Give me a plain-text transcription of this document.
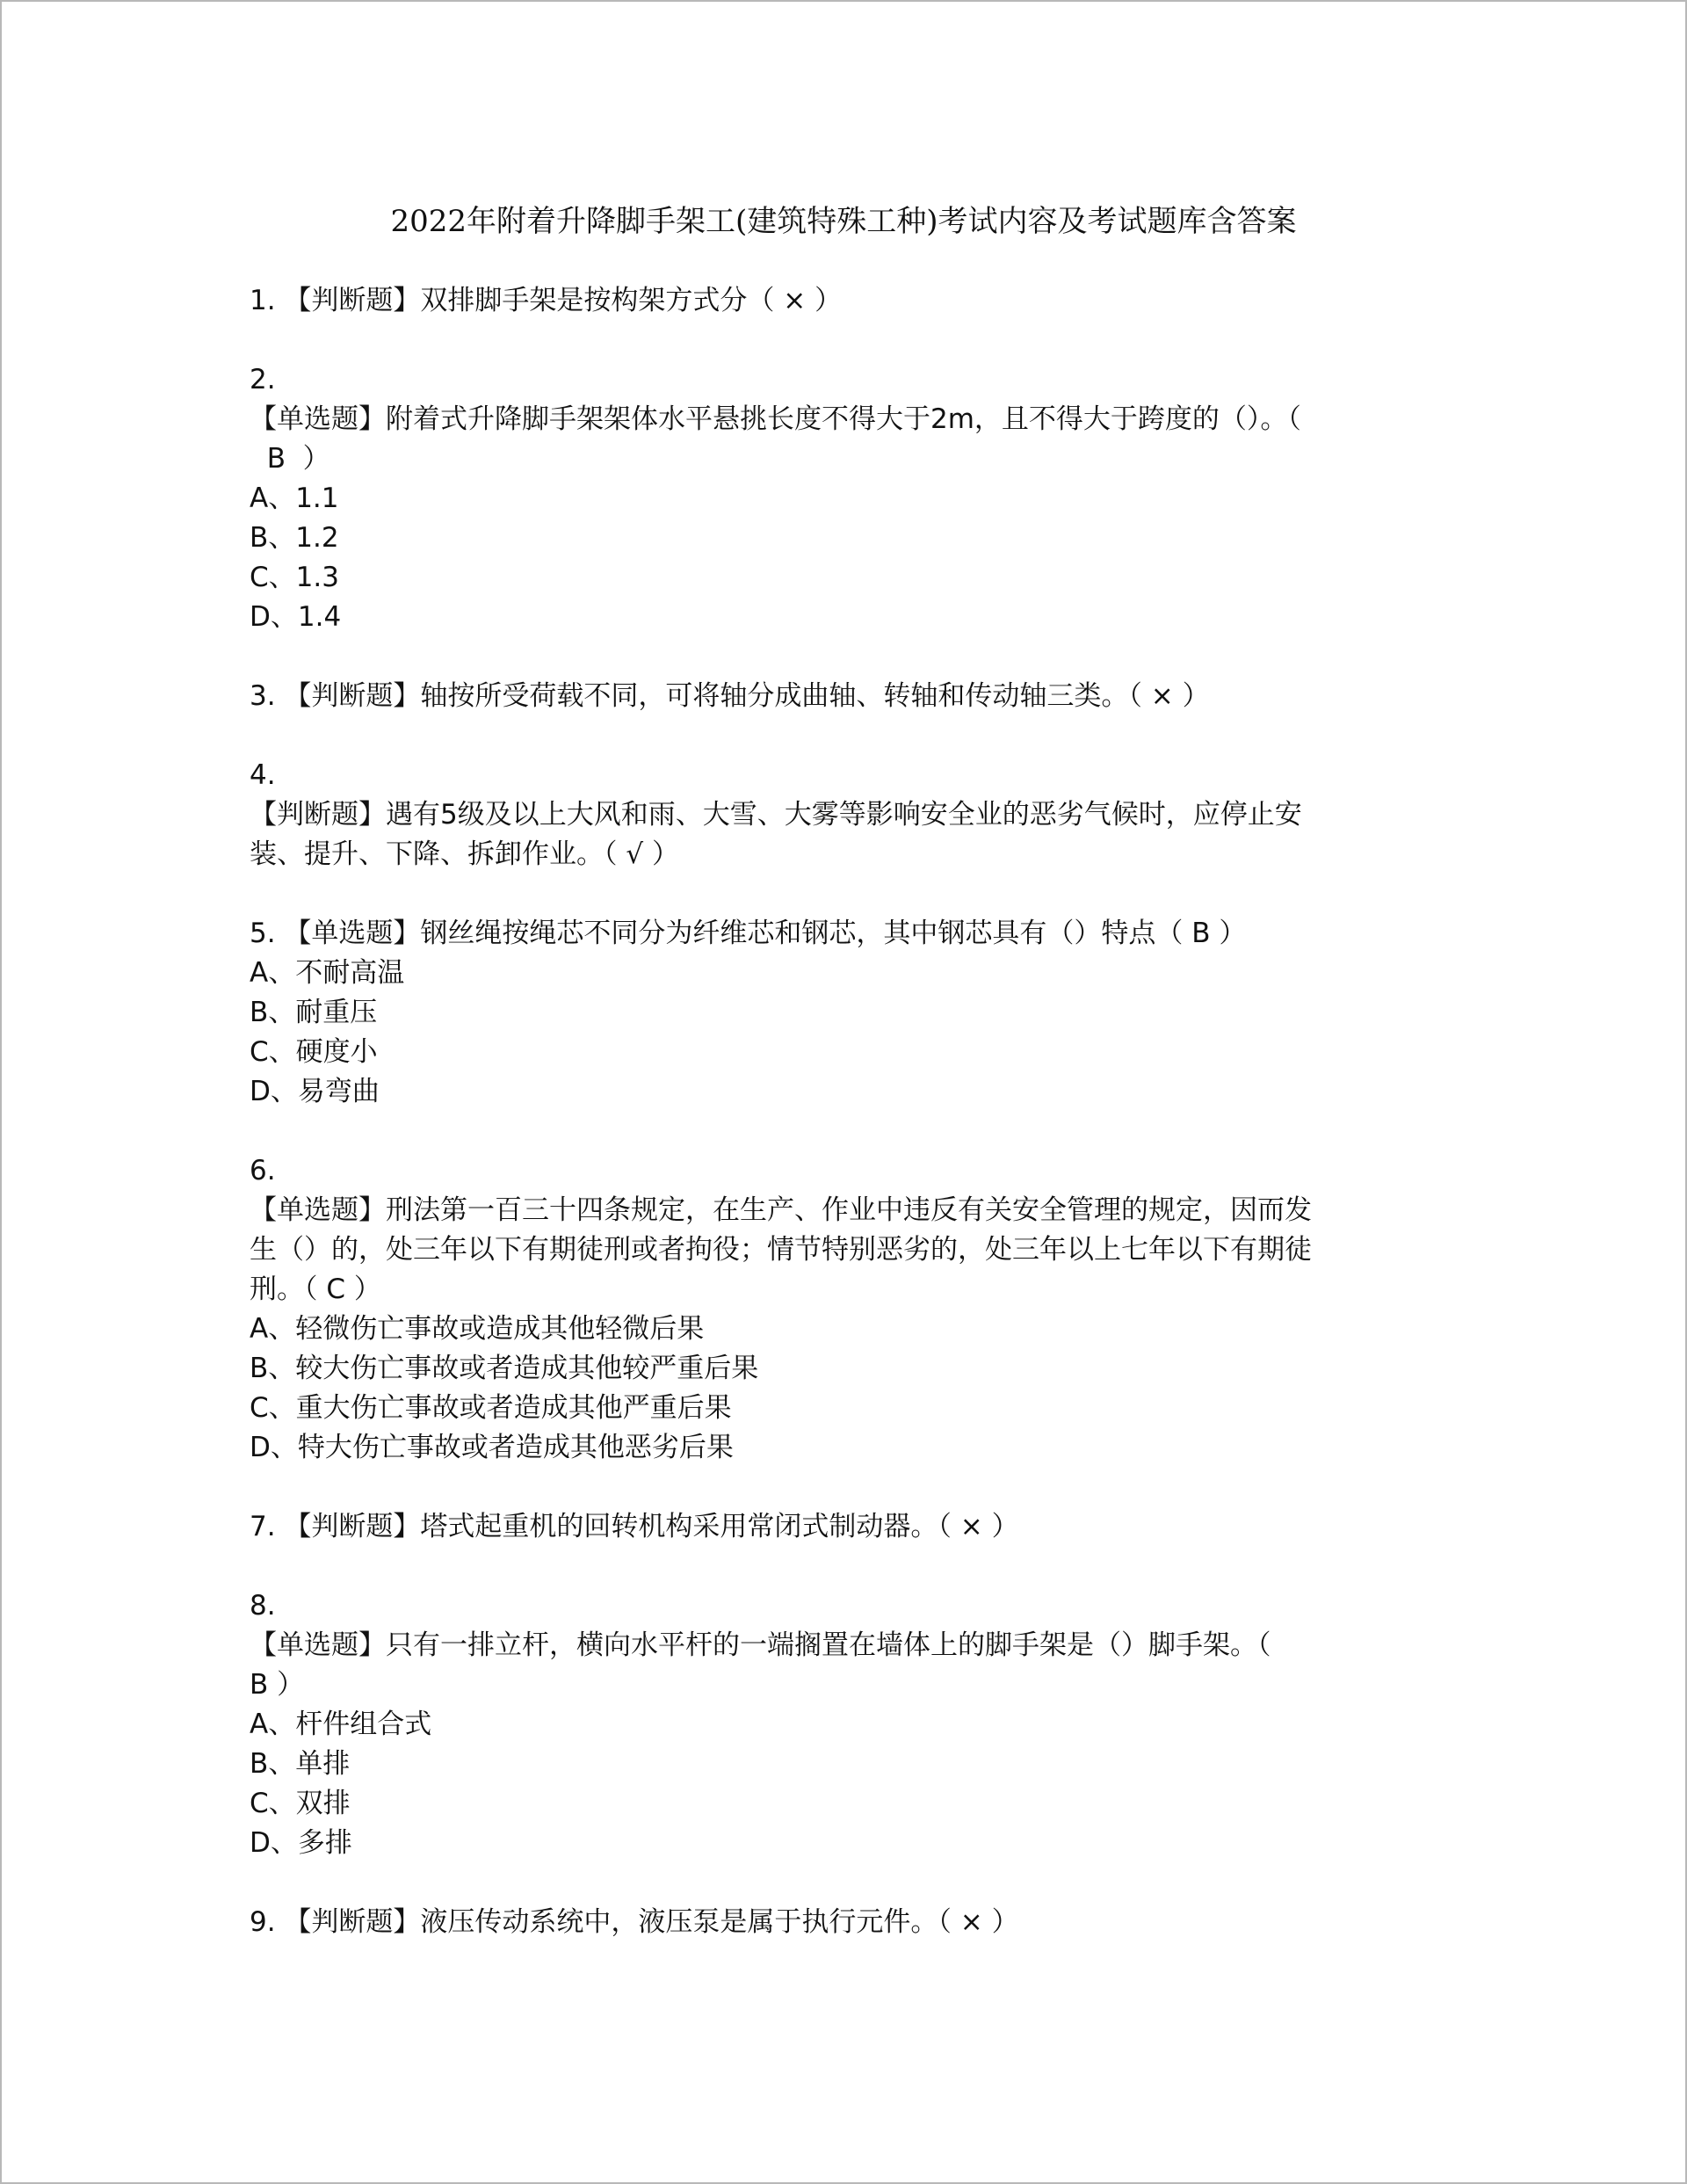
2022年附着升降脚手架工(建筑特殊工种)考试内容及考试题库含答案
1. 【判断题】双排脚手架是按构架方式分（ × ）
2.
【单选题】附着式升降脚手架架体水平悬挑长度不得大于2m，且不得大于跨度的（）。（
B  ）
A、1.1
B、1.2
C、1.3
D、1.4
3. 【判断题】轴按所受荷载不同，可将轴分成曲轴、转轴和传动轴三类。（ × ）
4.
【判断题】遇有5级及以上大风和雨、大雪、大雾等影响安全业的恶劣气候时，应停止安
装、提升、下降、拆卸作业。（ √ ）
5. 【单选题】钢丝绳按绳芯不同分为纤维芯和钢芯，其中钢芯具有（）特点（ B ）
A、不耐高温
B、耐重压
C、硬度小
D、易弯曲
6.
【单选题】刑法第一百三十四条规定，在生产、作业中违反有关安全管理的规定，因而发
生（）的，处三年以下有期徒刑或者拘役；情节特别恶劣的，处三年以上七年以下有期徒
刑。（ C ）
A、轻微伤亡事故或造成其他轻微后果
B、较大伤亡事故或者造成其他较严重后果
C、重大伤亡事故或者造成其他严重后果
D、特大伤亡事故或者造成其他恶劣后果
7. 【判断题】塔式起重机的回转机构采用常闭式制动器。（ × ）
8.
【单选题】只有一排立杆，横向水平杆的一端搁置在墙体上的脚手架是（）脚手架。（
B ）
A、杆件组合式
B、单排
C、双排
D、多排
9. 【判断题】液压传动系统中，液压泵是属于执行元件。（ × ）
